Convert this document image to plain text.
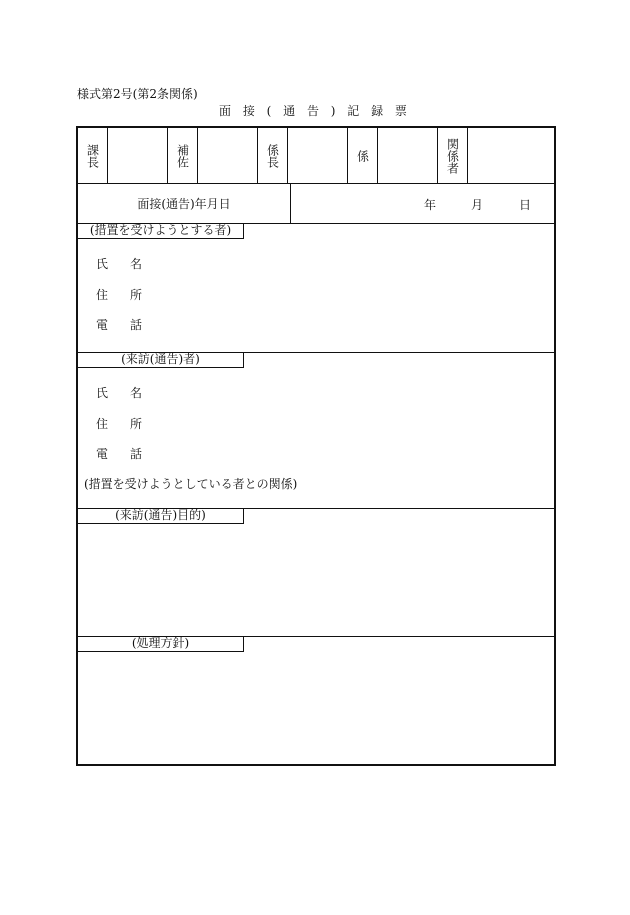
様式第2号(第2条関係)
面 接 ( 通 告 ) 記 録 票
課長	補佐	係長	係	関係者
面接(通告)年月日	年	月	日
(措置を受けようとする者)
氏名
住所
電話
(来訪(通告)者)
氏名
住所
電話
(措置を受けようとしている者との関係)
(来訪(通告)目的)
(処理方針)
